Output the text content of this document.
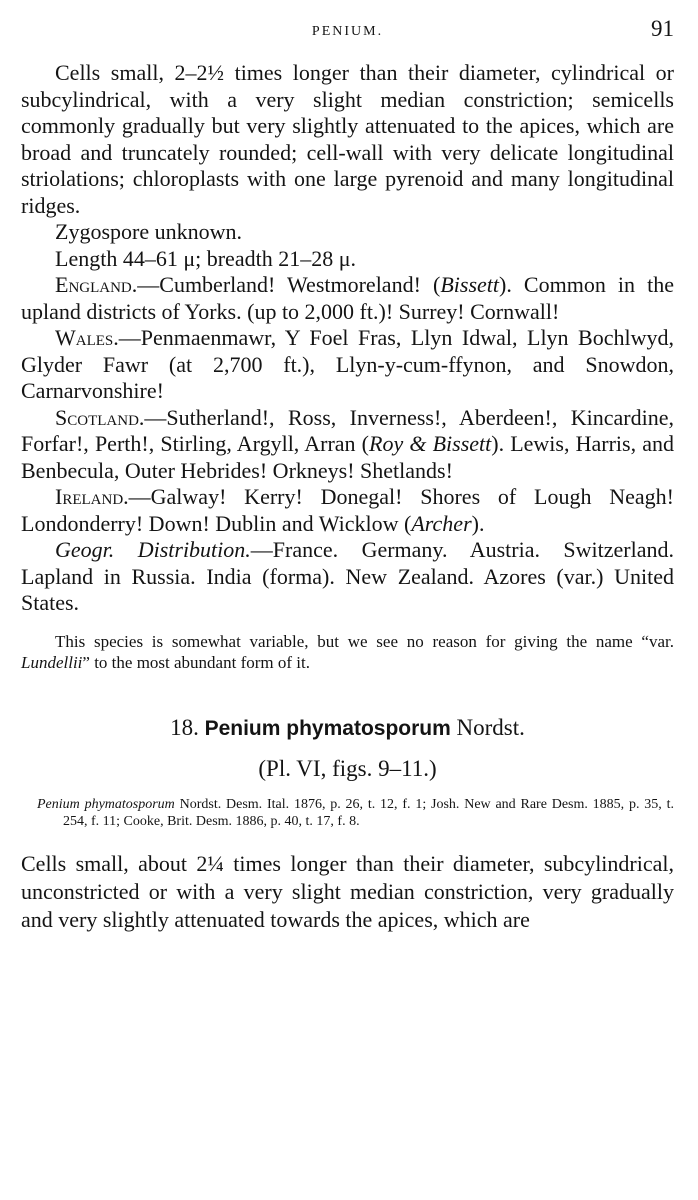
PENIUM.	91

Cells small, 2–2½ times longer than their diameter, cylindrical or subcylindrical, with a very slight median constriction; semicells commonly gradually but very slightly attenuated to the apices, which are broad and truncately rounded; cell-wall with very delicate longitudinal striolations; chloroplasts with one large pyrenoid and many longitudinal ridges.

Zygospore unknown.

Length 44–61 μ; breadth 21–28 μ.

England.—Cumberland! Westmoreland! (Bissett). Common in the upland districts of Yorks. (up to 2,000 ft.)! Surrey! Cornwall!

Wales.—Penmaenmawr, Y Foel Fras, Llyn Idwal, Llyn Bochlwyd, Glyder Fawr (at 2,700 ft.), Llyn-y-cum-ffynon, and Snowdon, Carnarvonshire!

Scotland.—Sutherland!, Ross, Inverness!, Aberdeen!, Kincardine, Forfar!, Perth!, Stirling, Argyll, Arran (Roy & Bissett). Lewis, Harris, and Benbecula, Outer Hebrides! Orkneys! Shetlands!

Ireland.—Galway! Kerry! Donegal! Shores of Lough Neagh! Londonderry! Down! Dublin and Wicklow (Archer).

Geogr. Distribution.—France. Germany. Austria. Switzerland. Lapland in Russia. India (forma). New Zealand. Azores (var.) United States.

This species is somewhat variable, but we see no reason for giving the name “var. Lundellii” to the most abundant form of it.

18. Penium phymatosporum Nordst.

(Pl. VI, figs. 9–11.)

Penium phymatosporum Nordst. Desm. Ital. 1876, p. 26, t. 12, f. 1; Josh. New and Rare Desm. 1885, p. 35, t. 254, f. 11; Cooke, Brit. Desm. 1886, p. 40, t. 17, f. 8.

Cells small, about 2¼ times longer than their diameter, subcylindrical, unconstricted or with a very slight median constriction, very gradually and very slightly attenuated towards the apices, which are
